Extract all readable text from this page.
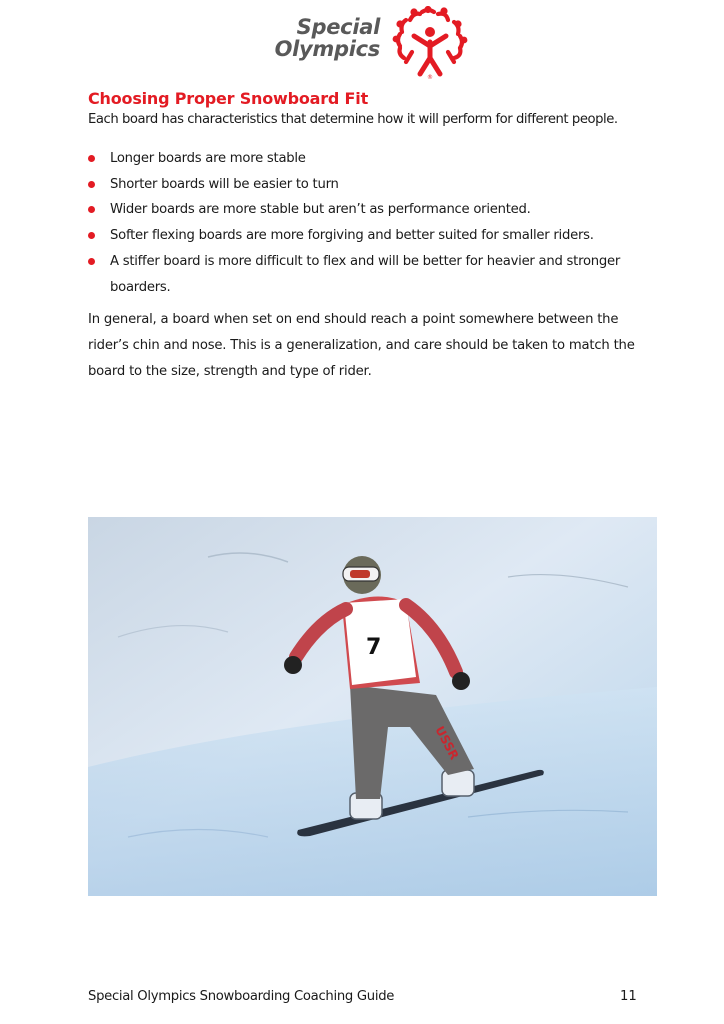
Special
Olympics
®
Choosing Proper Snowboard Fit
Each board has characteristics that determine how it will perform for different people.
Longer boards are more stable
Shorter boards will be easier to turn
Wider boards are more stable but aren’t as performance oriented.
Softer flexing boards are more forgiving and better suited for smaller riders.
A stiffer board is more difficult to flex and will be better for heavier and stronger boarders.

In general, a board when set on end should reach a point somewhere between the rider’s chin and nose. This is a generalization, and care should be taken to match the board to the size, strength and type of rider.

USSR
7
Special Olympics Snowboarding Coaching Guide	11
